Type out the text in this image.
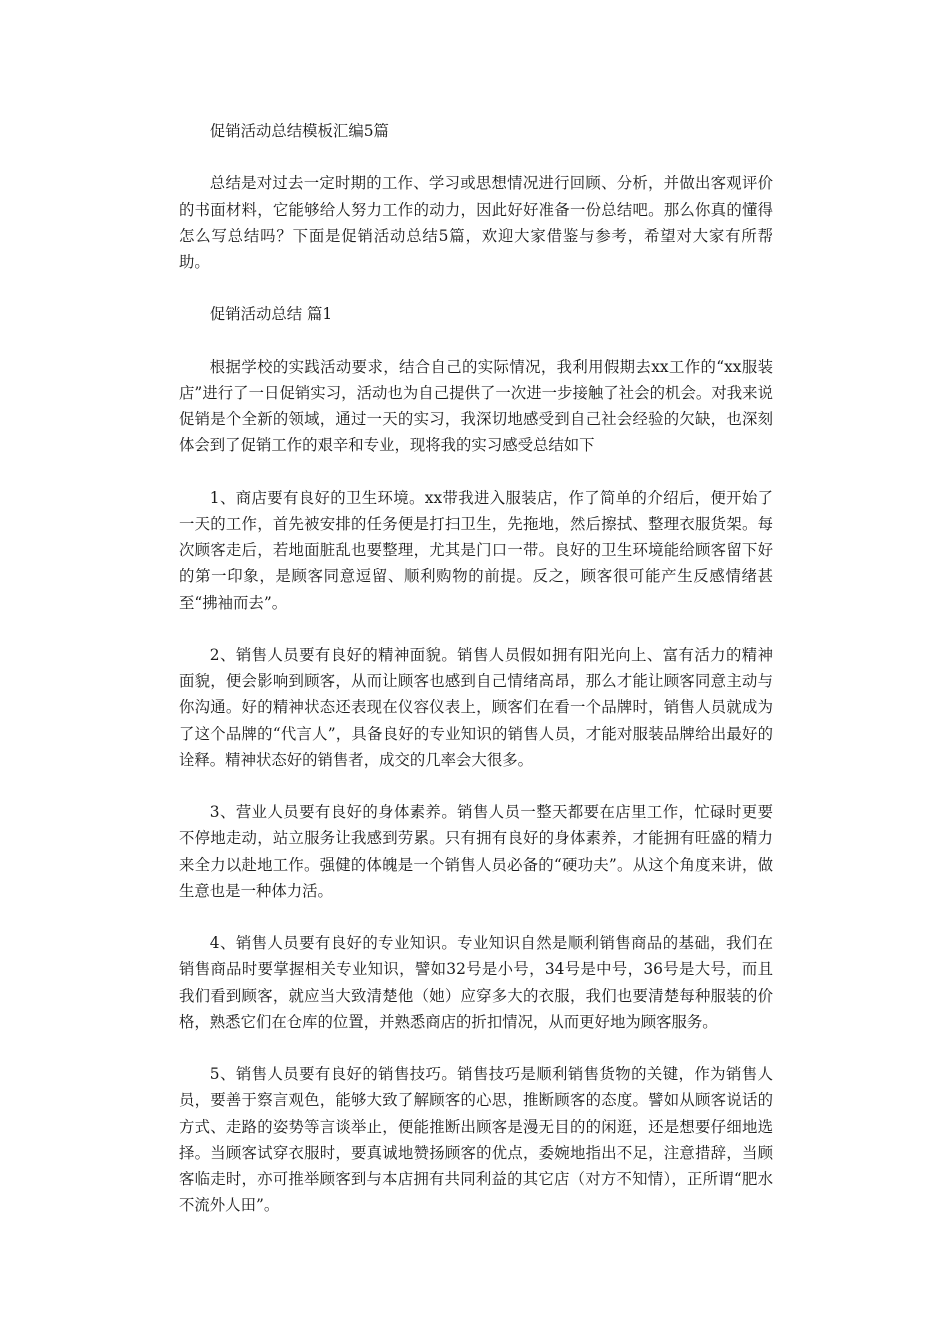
促销活动总结模板汇编5篇

总结是对过去一定时期的工作、学习或思想情况进行回顾、分析，并做出客观评价的书面材料，它能够给人努力工作的动力，因此好好准备一份总结吧。那么你真的懂得怎么写总结吗？下面是促销活动总结5篇，欢迎大家借鉴与参考，希望对大家有所帮助。

促销活动总结 篇1

根据学校的实践活动要求，结合自己的实际情况，我利用假期去xx工作的“xx服装店”进行了一日促销实习，活动也为自己提供了一次进一步接触了社会的机会。对我来说促销是个全新的领域，通过一天的实习，我深切地感受到自己社会经验的欠缺，也深刻体会到了促销工作的艰辛和专业，现将我的实习感受总结如下

1、商店要有良好的卫生环境。xx带我进入服装店，作了简单的介绍后，便开始了一天的工作，首先被安排的任务便是打扫卫生，先拖地，然后擦拭、整理衣服货架。每次顾客走后，若地面脏乱也要整理，尤其是门口一带。良好的卫生环境能给顾客留下好的第一印象，是顾客同意逗留、顺利购物的前提。反之，顾客很可能产生反感情绪甚至“拂袖而去”。

2、销售人员要有良好的精神面貌。销售人员假如拥有阳光向上、富有活力的精神面貌，便会影响到顾客，从而让顾客也感到自己情绪高昂，那么才能让顾客同意主动与你沟通。好的精神状态还表现在仪容仪表上，顾客们在看一个品牌时，销售人员就成为了这个品牌的“代言人”，具备良好的专业知识的销售人员，才能对服装品牌给出最好的诠释。精神状态好的销售者，成交的几率会大很多。

3、营业人员要有良好的身体素养。销售人员一整天都要在店里工作，忙碌时更要不停地走动，站立服务让我感到劳累。只有拥有良好的身体素养，才能拥有旺盛的精力来全力以赴地工作。强健的体魄是一个销售人员必备的“硬功夫”。从这个角度来讲，做生意也是一种体力活。

4、销售人员要有良好的专业知识。专业知识自然是顺利销售商品的基础，我们在销售商品时要掌握相关专业知识，譬如32号是小号，34号是中号，36号是大号，而且我们看到顾客，就应当大致清楚他（她）应穿多大的衣服，我们也要清楚每种服装的价格，熟悉它们在仓库的位置，并熟悉商店的折扣情况，从而更好地为顾客服务。

5、销售人员要有良好的销售技巧。销售技巧是顺利销售货物的关键，作为销售人员，要善于察言观色，能够大致了解顾客的心思，推断顾客的态度。譬如从顾客说话的方式、走路的姿势等言谈举止，便能推断出顾客是漫无目的的闲逛，还是想要仔细地选择。当顾客试穿衣服时，要真诚地赞扬顾客的优点，委婉地指出不足，注意措辞，当顾客临走时，亦可推举顾客到与本店拥有共同利益的其它店（对方不知情），正所谓“肥水不流外人田”。
